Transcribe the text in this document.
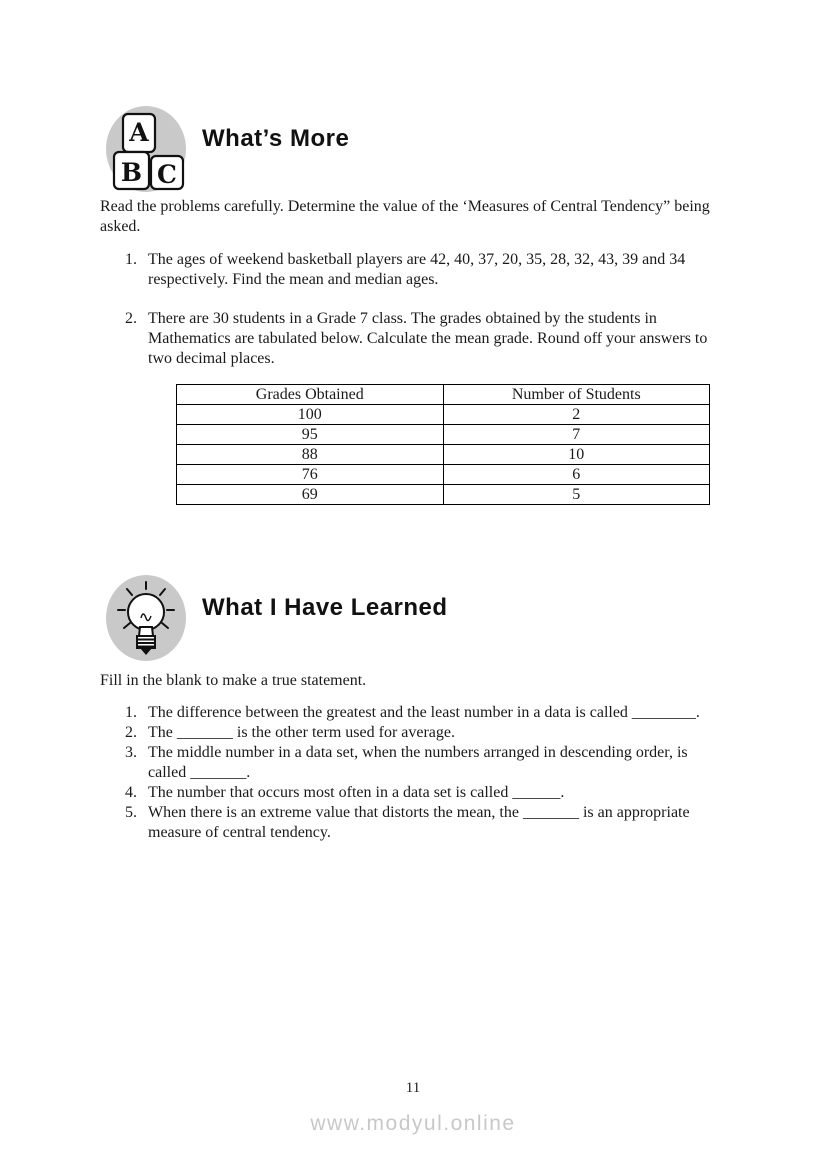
A
B C
What’s More

Read the problems carefully. Determine the value of the ‘Measures of Central Tendency” being asked.

1. The ages of weekend basketball players are 42, 40, 37, 20, 35, 28, 32, 43, 39 and 34 respectively. Find the mean and median ages.
2. There are 30 students in a Grade 7 class. The grades obtained by the students in Mathematics are tabulated below. Calculate the mean grade. Round off your answers to two decimal places.
Grades Obtained	Number of Students
100	2
95	7
88	10
76	6
69	5
What I Have Learned

Fill in the blank to make a true statement.

1. The difference between the greatest and the least number in a data is called ________.
2. The _______ is the other term used for average.
3. The middle number in a data set, when the numbers arranged in descending order, is called _______.
4. The number that occurs most often in a data set is called ______.
5. When there is an extreme value that distorts the mean, the _______ is an appropriate measure of central tendency.
11
www.modyul.online
